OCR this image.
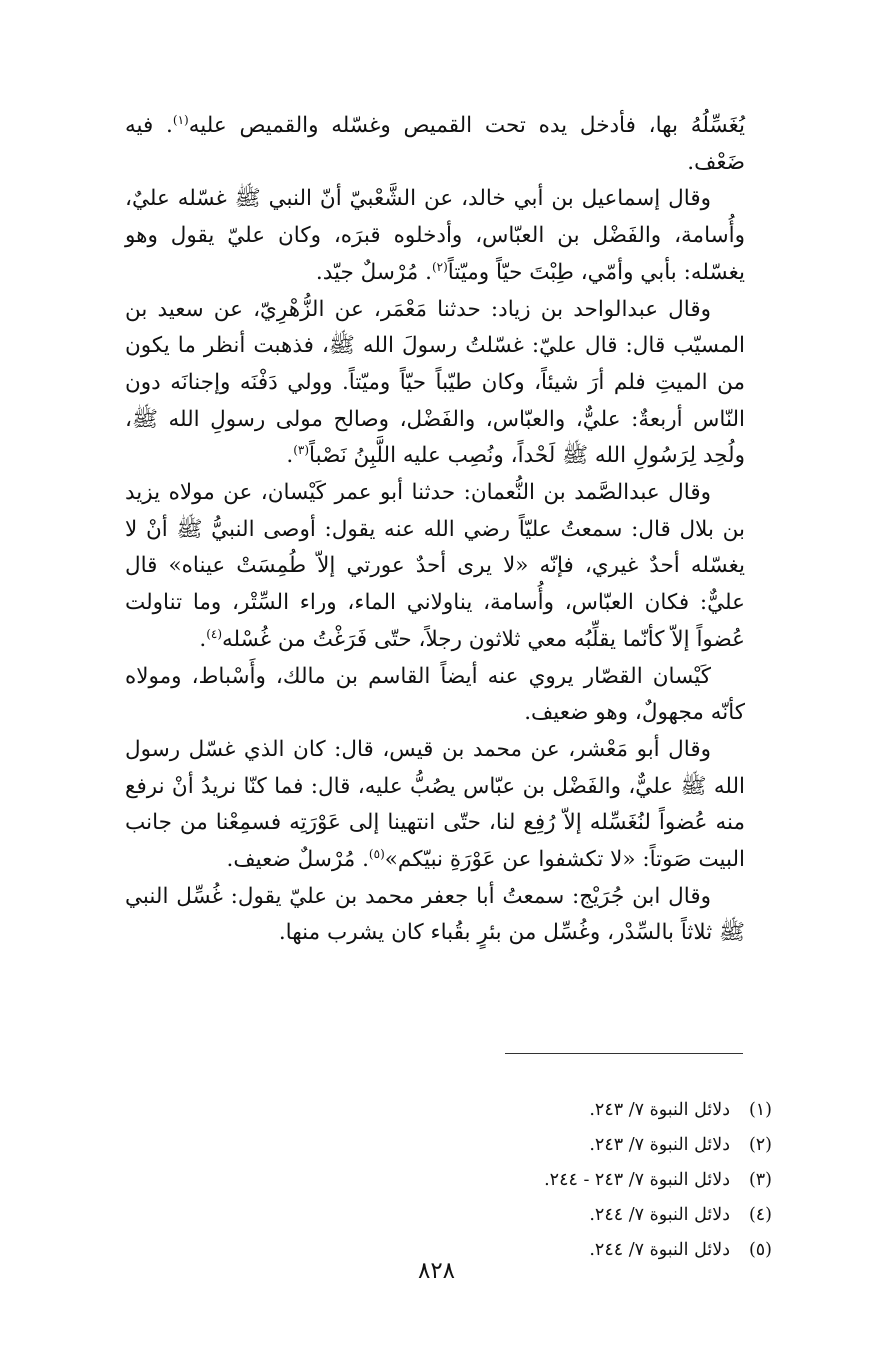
يُغَسِّلُهُ بها، فأدخل يده تحت القميص وغسّله والقميص عليه$^{(١)}$. فيه ضَعْف.

وقال إسماعيل بن أبي خالد، عن الشَّعْبيّ أنّ النبي ﷺ غسّله عليٌ، وأُسامة، والفَضْل بن العبّاس، وأدخلوه قبرَه، وكان عليّ يقول وهو يغسّله: بأبي وأمّي، طِبْتَ حيّاً وميّتاً$^{(٢)}$. مُرْسلٌ جيّد.

وقال عبدالواحد بن زياد: حدثنا مَعْمَر، عن الزُّهْرِيّ، عن سعيد بن المسيّب قال: قال عليّ: غسّلتُ رسولَ الله ﷺ، فذهبت أنظر ما يكون من الميتِ فلم أرَ شيئاً، وكان طيّباً حيّاً وميّتاً. وولي دَفْنَه وإجنانَه دون النّاس أربعةٌ: عليٌّ، والعبّاس، والفَضْل، وصالح مولى رسولِ الله ﷺ، ولُحِد لِرَسُولِ الله ﷺ لَحْداً، ونُصِب عليه اللَّبِنُ نَصْباً$^{(٣)}$.

وقال عبدالصَّمد بن النُّعمان: حدثنا أبو عمر كَيْسان، عن مولاه يزيد بن بلال قال: سمعتُ عليّاً رضي الله عنه يقول: أوصى النبيُّ ﷺ أنْ لا يغسّله أحدٌ غيري، فإنّه «لا يرى أحدٌ عورتي إلاّ طُمِسَتْ عيناه» قال عليٌّ: فكان العبّاس، وأُسامة، يناولاني الماء، وراء السِّتْر، وما تناولت عُضواً إلاّ كأنّما يقلِّبُه معي ثلاثون رجلاً، حتّى فَرَغْتُ من غُسْله$^{(٤)}$.

كَيْسان القصّار يروي عنه أيضاً القاسم بن مالك، وأَسْباط، ومولاه كأنّه مجهولٌ، وهو ضعيف.

وقال أبو مَعْشر، عن محمد بن قيس، قال: كان الذي غسّل رسول الله ﷺ عليٌّ، والفَضْل بن عبّاس يصُبُّ عليه، قال: فما كنّا نريدُ أنْ نرفع منه عُضواً لنُغَسِّله إلاّ رُفِع لنا، حتّى انتهينا إلى عَوْرَتِه فسمِعْنا من جانب البيت صَوتاً: «لا تكشفوا عن عَوْرَةِ نبيّكم»$^{(٥)}$. مُرْسلٌ ضعيف.

وقال ابن جُرَيْج: سمعتُ أبا جعفر محمد بن عليّ يقول: غُسِّل النبي ﷺ ثلاثاً بالسِّدْر، وغُسِّل من بئرٍ بقُباء كان يشرب منها.

(١)دلائل النبوة ٧/ ٢٤٣.
(٢)دلائل النبوة ٧/ ٢٤٣.
(٣)دلائل النبوة ٧/ ٢٤٣ - ٢٤٤.
(٤)دلائل النبوة ٧/ ٢٤٤.
(٥)دلائل النبوة ٧/ ٢٤٤.
٨٢٨
